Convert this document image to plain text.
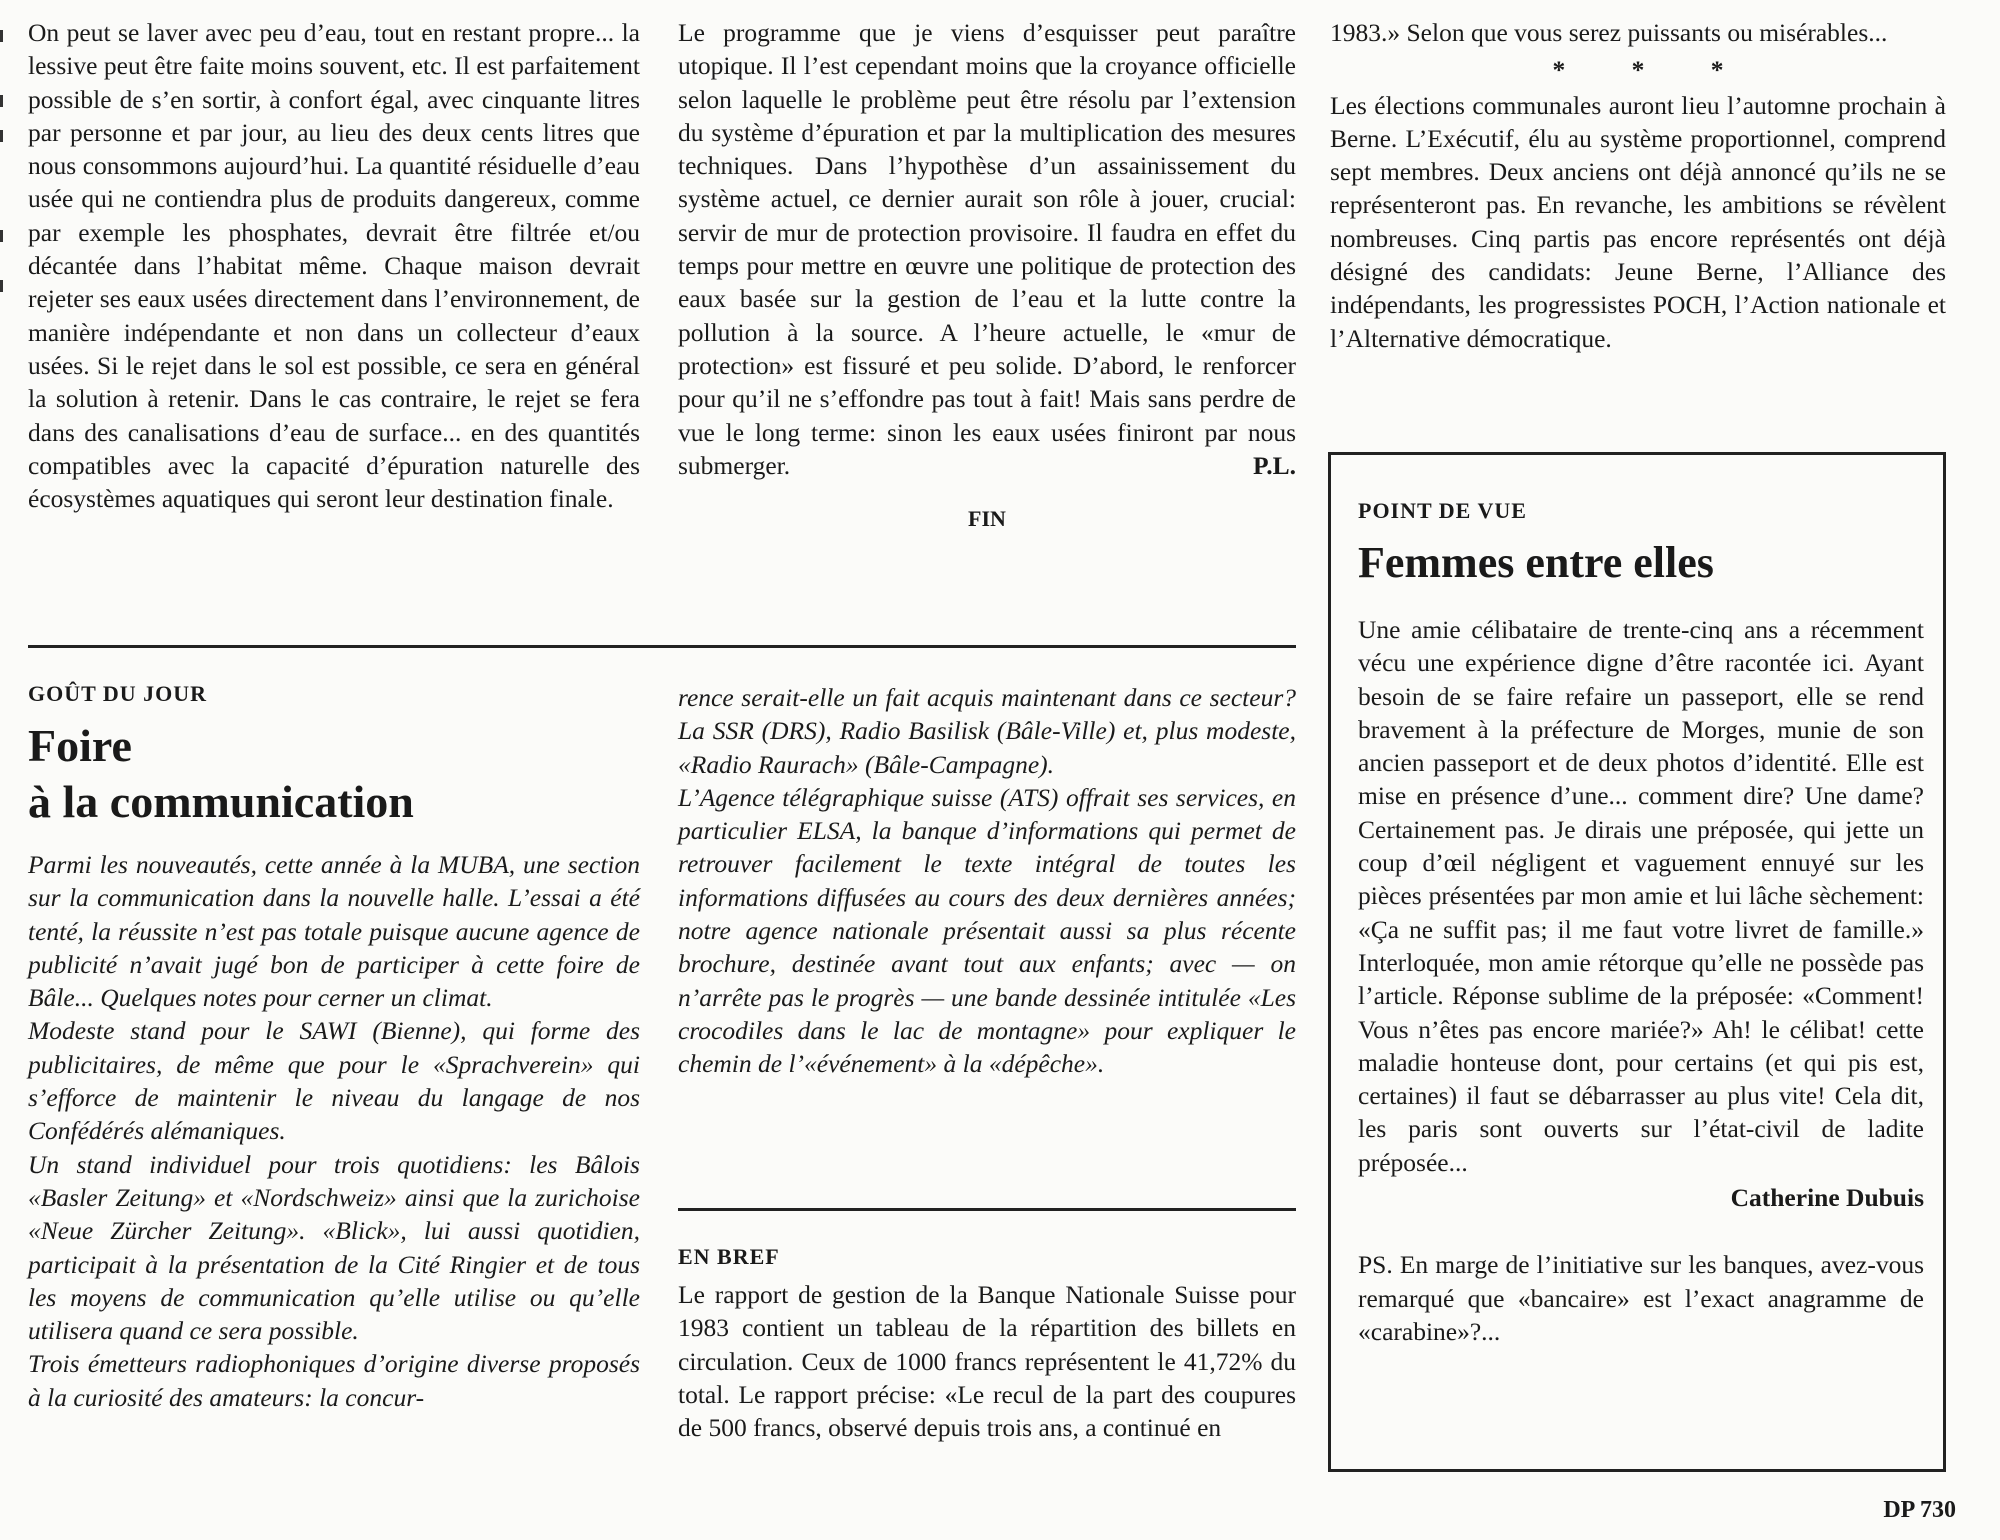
On peut se laver avec peu d’eau, tout en restant propre... la lessive peut être faite moins souvent, etc. Il est parfaitement possible de s’en sortir, à confort égal, avec cinquante litres par personne et par jour, au lieu des deux cents litres que nous consommons aujourd’hui. La quantité résiduelle d’eau usée qui ne contiendra plus de produits dangereux, comme par exemple les phosphates, devrait être filtrée et/ou décantée dans l’habitat même. Chaque maison devrait rejeter ses eaux usées directement dans l’environnement, de manière indépendante et non dans un collecteur d’eaux usées. Si le rejet dans le sol est possible, ce sera en général la solution à retenir. Dans le cas contraire, le rejet se fera dans des canalisations d’eau de surface... en des quantités compatibles avec la capacité d’épuration naturelle des écosystèmes aquatiques qui seront leur destination finale.

Le programme que je viens d’esquisser peut paraître utopique. Il l’est cependant moins que la croyance officielle selon laquelle le problème peut être résolu par l’extension du système d’épuration et par la multiplication des mesures techniques. Dans l’hypothèse d’un assainissement du système actuel, ce dernier aurait son rôle à jouer, crucial: servir de mur de protection provisoire. Il faudra en effet du temps pour mettre en œuvre une politique de protection des eaux basée sur la gestion de l’eau et la lutte contre la pollution à la source. A l’heure actuelle, le «mur de protection» est fissuré et peu solide. D’abord, le renforcer pour qu’il ne s’effondre pas tout à fait! Mais sans perdre de vue le long terme: sinon les eaux usées finiront par nous submerger.	P.L.

FIN

1983.» Selon que vous serez puissants ou misérables...

* * *

Les élections communales auront lieu l’automne prochain à Berne. L’Exécutif, élu au système proportionnel, comprend sept membres. Deux anciens ont déjà annoncé qu’ils ne se représenteront pas. En revanche, les ambitions se révèlent nombreuses. Cinq partis pas encore représentés ont déjà désigné des candidats: Jeune Berne, l’Alliance des indépendants, les progressistes POCH, l’Action nationale et l’Alternative démocratique.

GOÛT DU JOUR
Foire
à la communication

Parmi les nouveautés, cette année à la MUBA, une section sur la communication dans la nouvelle halle. L’essai a été tenté, la réussite n’est pas totale puisque aucune agence de publicité n’avait jugé bon de participer à cette foire de Bâle... Quelques notes pour cerner un climat.

Modeste stand pour le SAWI (Bienne), qui forme des publicitaires, de même que pour le «Sprachverein» qui s’efforce de maintenir le niveau du langage de nos Confédérés alémaniques.

Un stand individuel pour trois quotidiens: les Bâlois «Basler Zeitung» et «Nordschweiz» ainsi que la zurichoise «Neue Zürcher Zeitung». «Blick», lui aussi quotidien, participait à la présentation de la Cité Ringier et de tous les moyens de communication qu’elle utilise ou qu’elle utilisera quand ce sera possible.

Trois émetteurs radiophoniques d’origine diverse proposés à la curiosité des amateurs: la concur-

rence serait-elle un fait acquis maintenant dans ce secteur? La SSR (DRS), Radio Basilisk (Bâle-Ville) et, plus modeste, «Radio Raurach» (Bâle-Campagne).

L’Agence télégraphique suisse (ATS) offrait ses services, en particulier ELSA, la banque d’informations qui permet de retrouver facilement le texte intégral de toutes les informations diffusées au cours des deux dernières années; notre agence nationale présentait aussi sa plus récente brochure, destinée avant tout aux enfants; avec — on n’arrête pas le progrès — une bande dessinée intitulée «Les crocodiles dans le lac de montagne» pour expliquer le chemin de l’«événement» à la «dépêche».

EN BREF

Le rapport de gestion de la Banque Nationale Suisse pour 1983 contient un tableau de la répartition des billets en circulation. Ceux de 1000 francs représentent le 41,72% du total. Le rapport précise: «Le recul de la part des coupures de 500 francs, observé depuis trois ans, a continué en

POINT DE VUE
Femmes entre elles

Une amie célibataire de trente-cinq ans a récemment vécu une expérience digne d’être racontée ici. Ayant besoin de se faire refaire un passeport, elle se rend bravement à la préfecture de Morges, munie de son ancien passeport et de deux photos d’identité. Elle est mise en présence d’une... comment dire? Une dame? Certainement pas. Je dirais une préposée, qui jette un coup d’œil négligent et vaguement ennuyé sur les pièces présentées par mon amie et lui lâche sèchement: «Ça ne suffit pas; il me faut votre livret de famille.» Interloquée, mon amie rétorque qu’elle ne possède pas l’article. Réponse sublime de la préposée: «Comment! Vous n’êtes pas encore mariée?» Ah! le célibat! cette maladie honteuse dont, pour certains (et qui pis est, certaines) il faut se débarrasser au plus vite! Cela dit, les paris sont ouverts sur l’état-civil de ladite préposée...

Catherine Dubuis

PS. En marge de l’initiative sur les banques, avez-vous remarqué que «bancaire» est l’exact anagramme de «carabine»?...

DP 730
